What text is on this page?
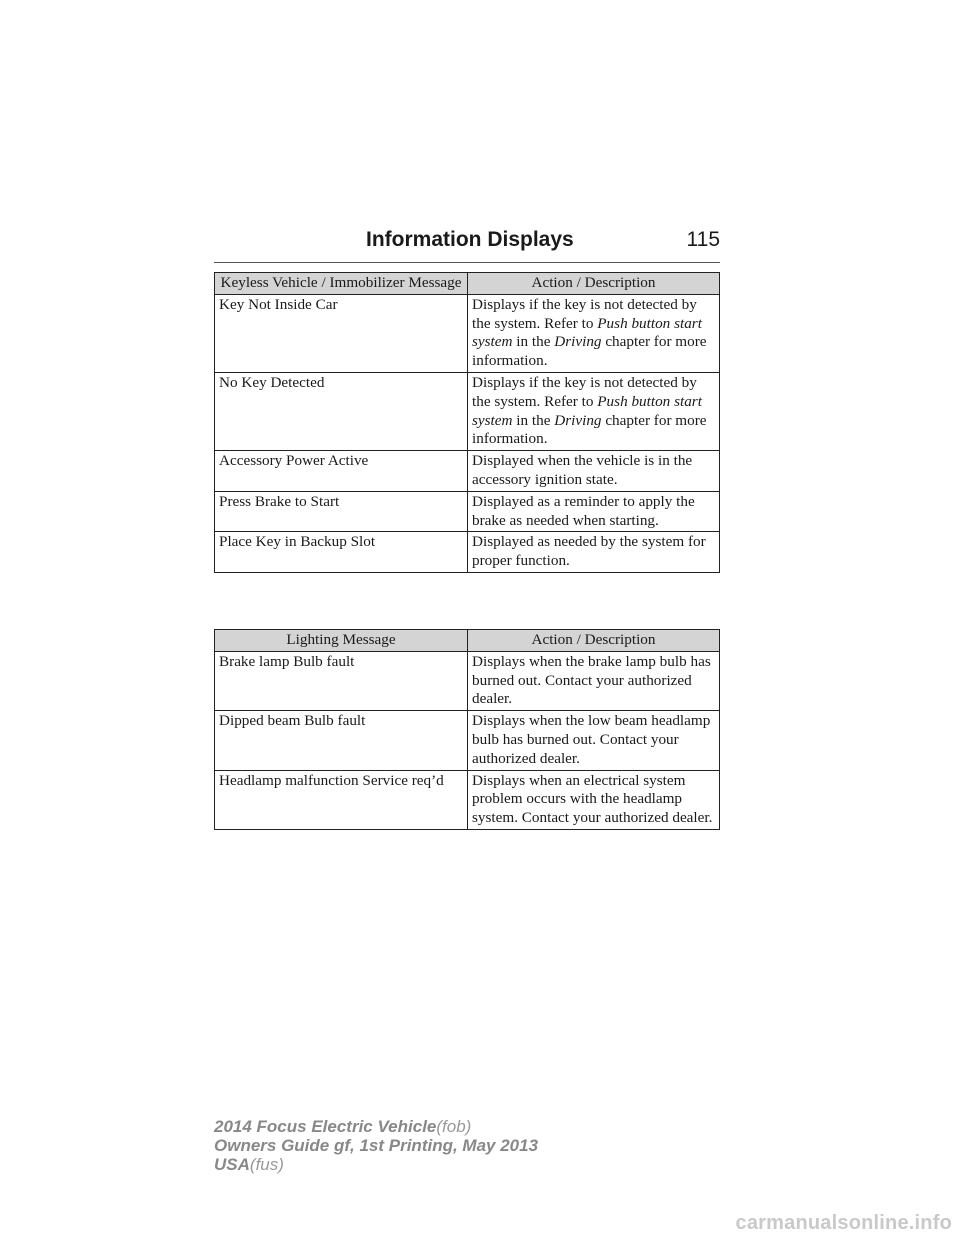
Information Displays	115
Keyless Vehicle / Immobilizer Message	Action / Description
Key Not Inside Car	Displays if the key is not detected by the system. Refer to Push button start system in the Driving chapter for more information.
No Key Detected	Displays if the key is not detected by the system. Refer to Push button start system in the Driving chapter for more information.
Accessory Power Active	Displayed when the vehicle is in the accessory ignition state.
Press Brake to Start	Displayed as a reminder to apply the brake as needed when starting.
Place Key in Backup Slot	Displayed as needed by the system for proper function.
Lighting Message	Action / Description
Brake lamp Bulb fault	Displays when the brake lamp bulb has burned out. Contact your authorized dealer.
Dipped beam Bulb fault	Displays when the low beam headlamp bulb has burned out. Contact your authorized dealer.
Headlamp malfunction Service req’d	Displays when an electrical system problem occurs with the headlamp system. Contact your authorized dealer.
2014 Focus Electric Vehicle(fob)
Owners Guide gf, 1st Printing, May 2013
USA(fus)
carmanualsonline.info
